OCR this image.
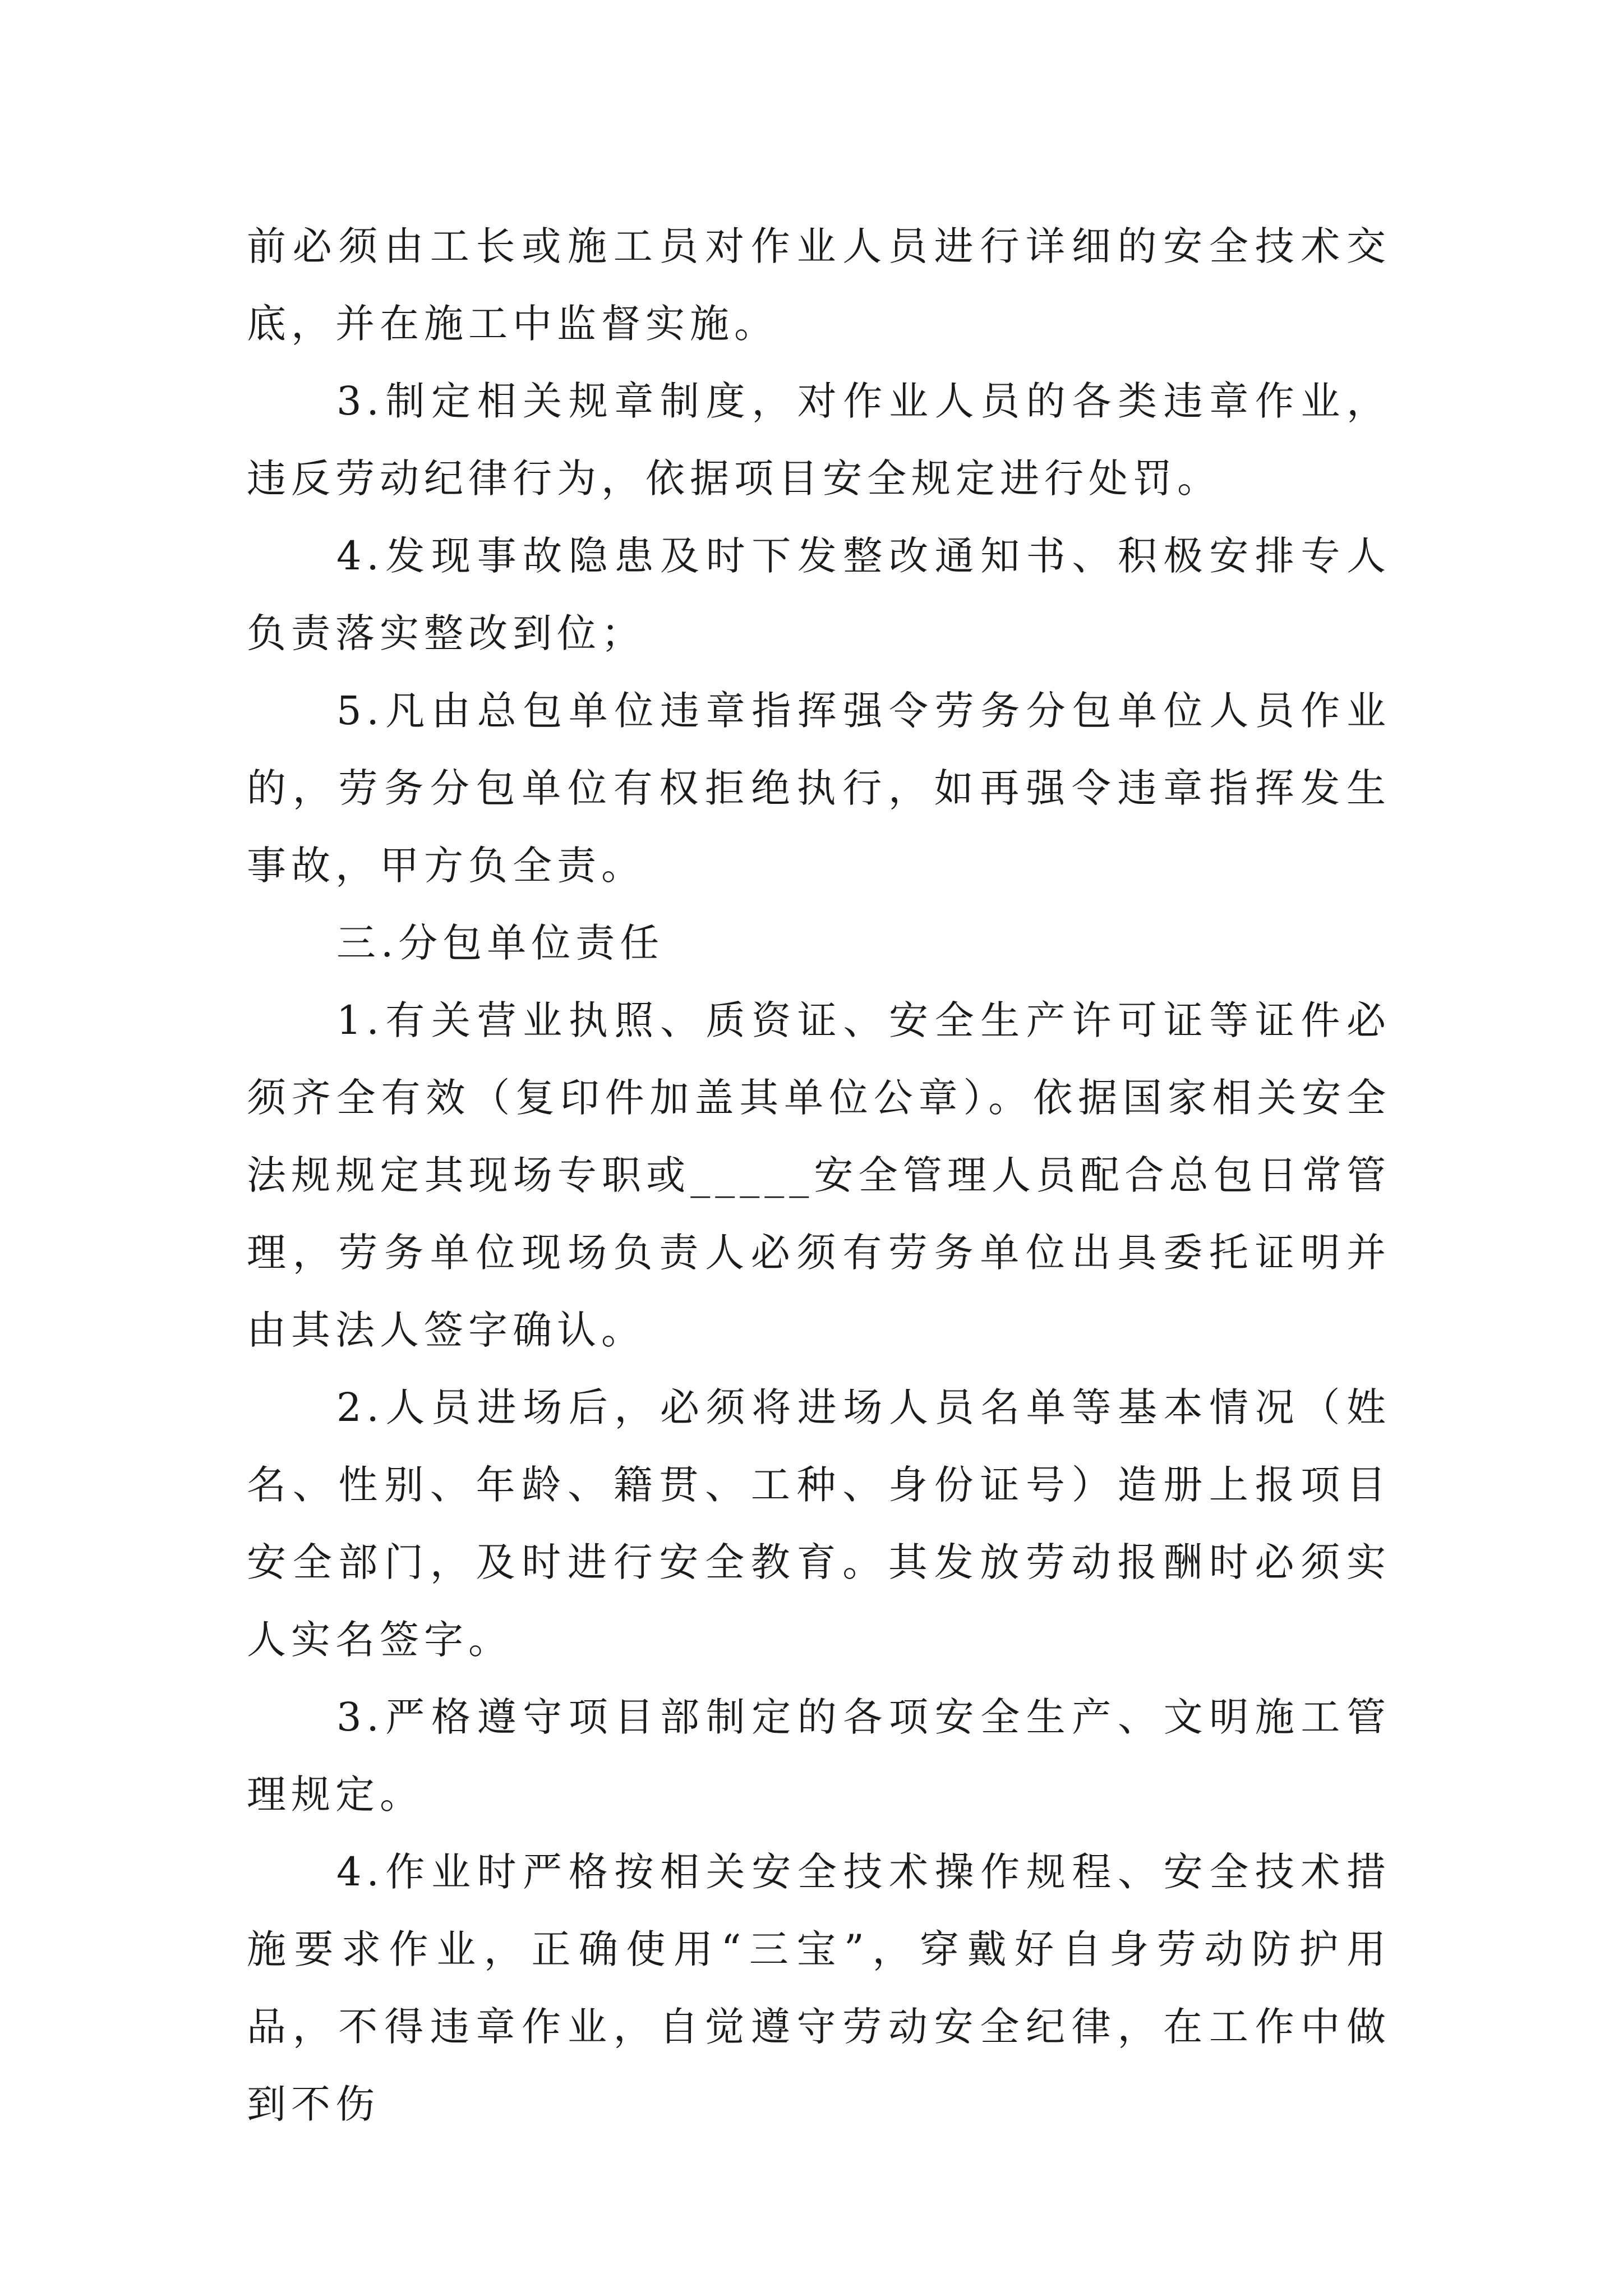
前必须由工长或施工员对作业人员进行详细的安全技术交底，并在施工中监督实施。

3.制定相关规章制度，对作业人员的各类违章作业，违反劳动纪律行为，依据项目安全规定进行处罚。

4.发现事故隐患及时下发整改通知书、积极安排专人负责落实整改到位；

5.凡由总包单位违章指挥强令劳务分包单位人员作业的，劳务分包单位有权拒绝执行，如再强令违章指挥发生事故，甲方负全责。

三.分包单位责任

1.有关营业执照、质资证、安全生产许可证等证件必须齐全有效（复印件加盖其单位公章）。依据国家相关安全法规规定其现场专职或_____安全管理人员配合总包日常管理，劳务单位现场负责人必须有劳务单位出具委托证明并由其法人签字确认。

2.人员进场后，必须将进场人员名单等基本情况（姓名、性别、年龄、籍贯、工种、身份证号）造册上报项目安全部门，及时进行安全教育。其发放劳动报酬时必须实人实名签字。

3.严格遵守项目部制定的各项安全生产、文明施工管理规定。

4.作业时严格按相关安全技术操作规程、安全技术措施要求作业，正确使用“三宝”，穿戴好自身劳动防护用品，不得违章作业，自觉遵守劳动安全纪律，在工作中做到不伤
